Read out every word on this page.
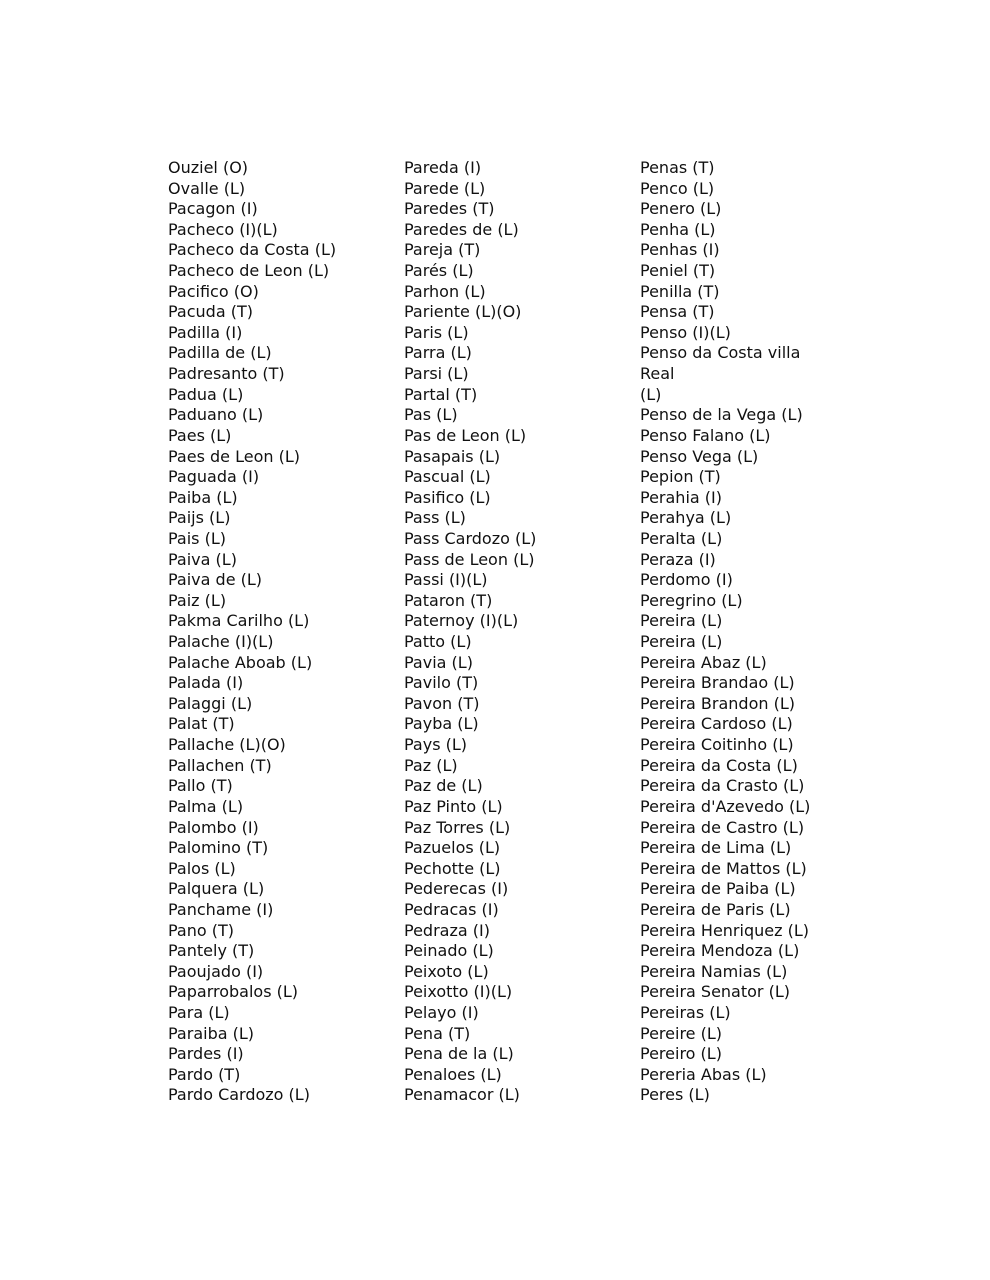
Ouziel (O)
Ovalle (L)
Pacagon (I)
Pacheco (I)(L)
Pacheco da Costa (L)
Pacheco de Leon (L)
Pacifico (O)
Pacuda (T)
Padilla (I)
Padilla de (L)
Padresanto (T)
Padua (L)
Paduano (L)
Paes (L)
Paes de Leon (L)
Paguada (I)
Paiba (L)
Paijs (L)
Pais (L)
Paiva (L)
Paiva de (L)
Paiz (L)
Pakma Carilho (L)
Palache (I)(L)
Palache Aboab (L)
Palada (I)
Palaggi (L)
Palat (T)
Pallache (L)(O)
Pallachen (T)
Pallo (T)
Palma (L)
Palombo (I)
Palomino (T)
Palos (L)
Palquera (L)
Panchame (I)
Pano (T)
Pantely (T)
Paoujado (I)
Paparrobalos (L)
Para (L)
Paraiba (L)
Pardes (I)
Pardo (T)
Pardo Cardozo (L)
Pareda (I)
Parede (L)
Paredes (T)
Paredes de (L)
Pareja (T)
Parés (L)
Parhon (L)
Pariente (L)(O)
Paris (L)
Parra (L)
Parsi (L)
Partal (T)
Pas (L)
Pas de Leon (L)
Pasapais (L)
Pascual (L)
Pasifico (L)
Pass (L)
Pass Cardozo (L)
Pass de Leon (L)
Passi (I)(L)
Pataron (T)
Paternoy (I)(L)
Patto (L)
Pavia (L)
Pavilo (T)
Pavon (T)
Payba (L)
Pays (L)
Paz (L)
Paz de (L)
Paz Pinto (L)
Paz Torres (L)
Pazuelos (L)
Pechotte (L)
Pederecas (I)
Pedracas (I)
Pedraza (I)
Peinado (L)
Peixoto (L)
Peixotto (I)(L)
Pelayo (I)
Pena (T)
Pena de la (L)
Penaloes (L)
Penamacor (L)
Penas (T)
Penco (L)
Penero (L)
Penha (L)
Penhas (I)
Peniel (T)
Penilla (T)
Pensa (T)
Penso (I)(L)
Penso da Costa villa
Real
(L)
Penso de la Vega (L)
Penso Falano (L)
Penso Vega (L)
Pepion (T)
Perahia (I)
Perahya (L)
Peralta (L)
Peraza (I)
Perdomo (I)
Peregrino (L)
Pereira (L)
Pereira (L)
Pereira Abaz (L)
Pereira Brandao (L)
Pereira Brandon (L)
Pereira Cardoso (L)
Pereira Coitinho (L)
Pereira da Costa (L)
Pereira da Crasto (L)
Pereira d'Azevedo (L)
Pereira de Castro (L)
Pereira de Lima (L)
Pereira de Mattos (L)
Pereira de Paiba (L)
Pereira de Paris (L)
Pereira Henriquez (L)
Pereira Mendoza (L)
Pereira Namias (L)
Pereira Senator (L)
Pereiras (L)
Pereire (L)
Pereiro (L)
Pereria Abas (L)
Peres (L)
